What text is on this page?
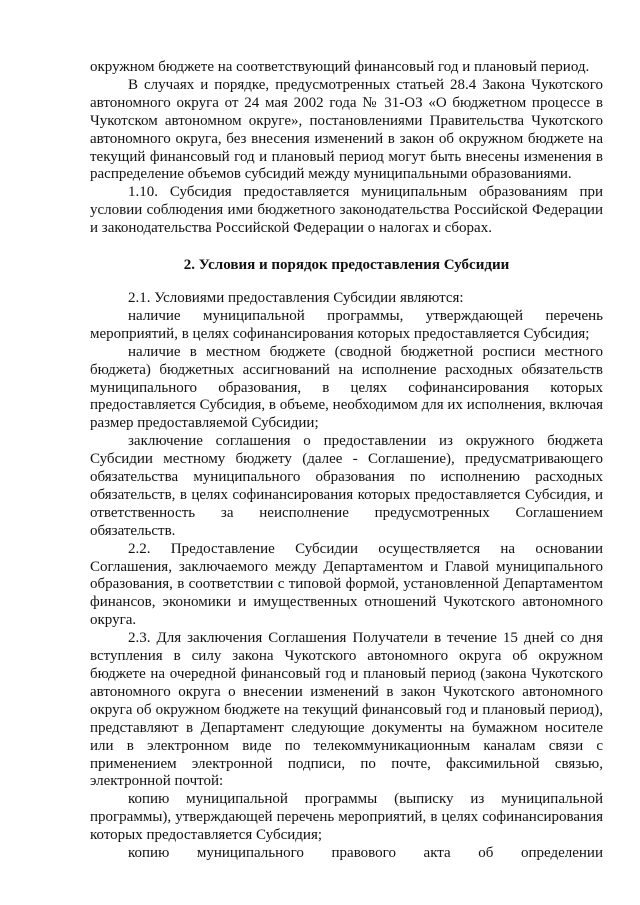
окружном бюджете на соответствующий финансовый год и плановый период.

В случаях и порядке, предусмотренных статьей 28.4 Закона Чукотского автономного округа от 24 мая 2002 года № 31-ОЗ «О бюджетном процессе в Чукотском автономном округе», постановлениями Правительства Чукотского автономного округа, без внесения изменений в закон об окружном бюджете на текущий финансовый год и плановый период могут быть внесены изменения в распределение объемов субсидий между муниципальными образованиями.

1.10. Субсидия предоставляется муниципальным образованиям при условии соблюдения ими бюджетного законодательства Российской Федерации и законодательства Российской Федерации о налогах и сборах.

2. Условия и порядок предоставления Субсидии

2.1. Условиями предоставления Субсидии являются:

наличие муниципальной программы, утверждающей перечень мероприятий, в целях софинансирования которых предоставляется Субсидия;

наличие в местном бюджете (сводной бюджетной росписи местного бюджета) бюджетных ассигнований на исполнение расходных обязательств муниципального образования, в целях софинансирования которых предоставляется Субсидия, в объеме, необходимом для их исполнения, включая размер предоставляемой Субсидии;

заключение соглашения о предоставлении из окружного бюджета Субсидии местному бюджету (далее - Соглашение), предусматривающего обязательства муниципального образования по исполнению расходных обязательств, в целях софинансирования которых предоставляется Субсидия, и ответственность за неисполнение предусмотренных Соглашением обязательств.

2.2. Предоставление Субсидии осуществляется на основании Соглашения, заключаемого между Департаментом и Главой муниципального образования, в соответствии с типовой формой, установленной Департаментом финансов, экономики и имущественных отношений Чукотского автономного округа.

2.3. Для заключения Соглашения Получатели в течение 15 дней со дня вступления в силу закона Чукотского автономного округа об окружном бюджете на очередной финансовый год и плановый период (закона Чукотского автономного округа о внесении изменений в закон Чукотского автономного округа об окружном бюджете на текущий финансовый год и плановый период), представляют в Департамент следующие документы на бумажном носителе или в электронном виде по телекоммуникационным каналам связи с применением электронной подписи, по почте, факсимильной связью, электронной почтой:

копию муниципальной программы (выписку из муниципальной программы), утверждающей перечень мероприятий, в целях софинансирования которых предоставляется Субсидия;

копию муниципального правового акта об определении
